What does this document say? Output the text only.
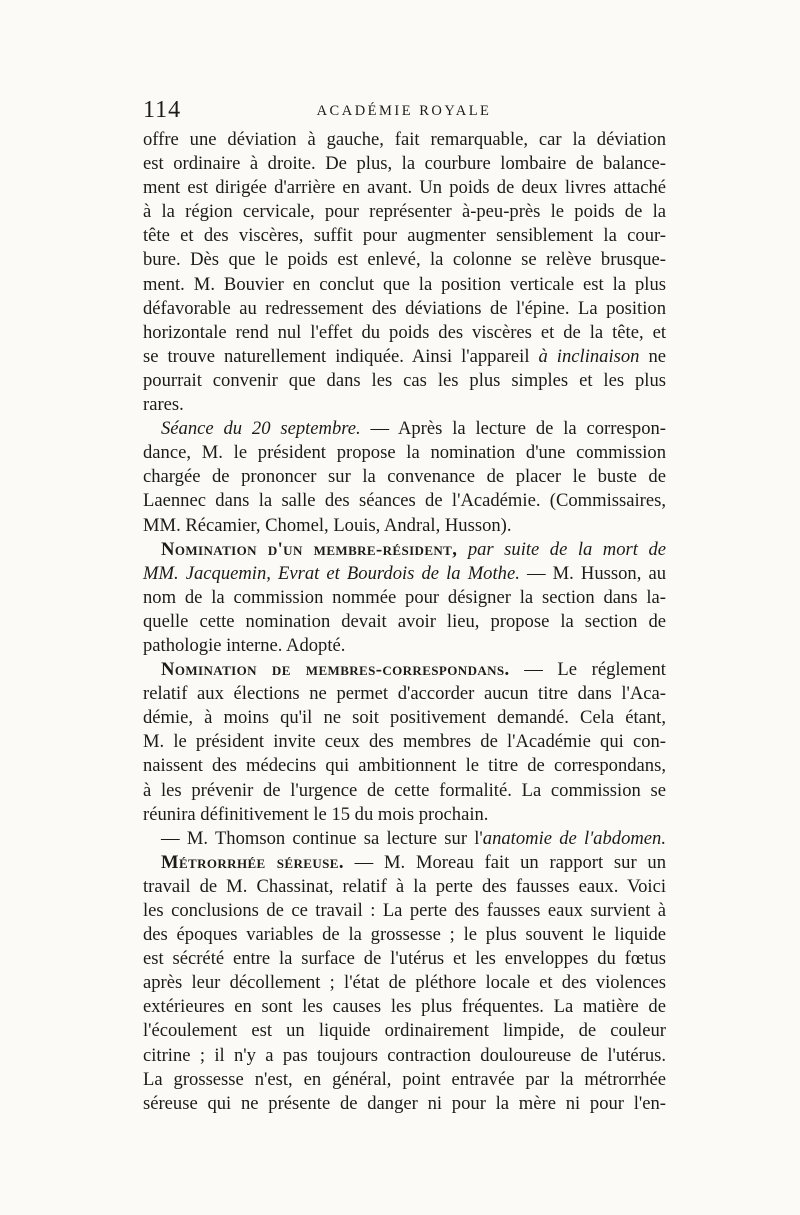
114	ACADÉMIE ROYALE
offre une déviation à gauche, fait remarquable, car la déviation
est ordinaire à droite. De plus, la courbure lombaire de balance-
ment est dirigée d'arrière en avant. Un poids de deux livres attaché
à la région cervicale, pour représenter à-peu-près le poids de la
tête et des viscères, suffit pour augmenter sensiblement la cour-
bure. Dès que le poids est enlevé, la colonne se relève brusque-
ment. M. Bouvier en conclut que la position verticale est la plus
défavorable au redressement des déviations de l'épine. La position
horizontale rend nul l'effet du poids des viscères et de la tête, et
se trouve naturellement indiquée. Ainsi l'appareil à inclinaison ne
pourrait convenir que dans les cas les plus simples et les plus
rares.
Séance du 20 septembre. — Après la lecture de la correspon-
dance, M. le président propose la nomination d'une commission
chargée de prononcer sur la convenance de placer le buste de
Laennec dans la salle des séances de l'Académie. (Commissaires,
MM. Récamier, Chomel, Louis, Andral, Husson).
Nomination d'un membre-résident, par suite de la mort de
MM. Jacquemin, Evrat et Bourdois de la Mothe. — M. Husson, au
nom de la commission nommée pour désigner la section dans la-
quelle cette nomination devait avoir lieu, propose la section de
pathologie interne. Adopté.
Nomination de membres-correspondans. — Le réglement
relatif aux élections ne permet d'accorder aucun titre dans l'Aca-
démie, à moins qu'il ne soit positivement demandé. Cela étant,
M. le président invite ceux des membres de l'Académie qui con-
naissent des médecins qui ambitionnent le titre de correspondans,
à les prévenir de l'urgence de cette formalité. La commission se
réunira définitivement le 15 du mois prochain.
— M. Thomson continue sa lecture sur l'anatomie de l'abdomen.
Métrorrhée séreuse. — M. Moreau fait un rapport sur un
travail de M. Chassinat, relatif à la perte des fausses eaux. Voici
les conclusions de ce travail : La perte des fausses eaux survient à
des époques variables de la grossesse ; le plus souvent le liquide
est sécrété entre la surface de l'utérus et les enveloppes du fœtus
après leur décollement ; l'état de pléthore locale et des violences
extérieures en sont les causes les plus fréquentes. La matière de
l'écoulement est un liquide ordinairement limpide, de couleur
citrine ; il n'y a pas toujours contraction douloureuse de l'utérus.
La grossesse n'est, en général, point entravée par la métrorrhée
séreuse qui ne présente de danger ni pour la mère ni pour l'en-
